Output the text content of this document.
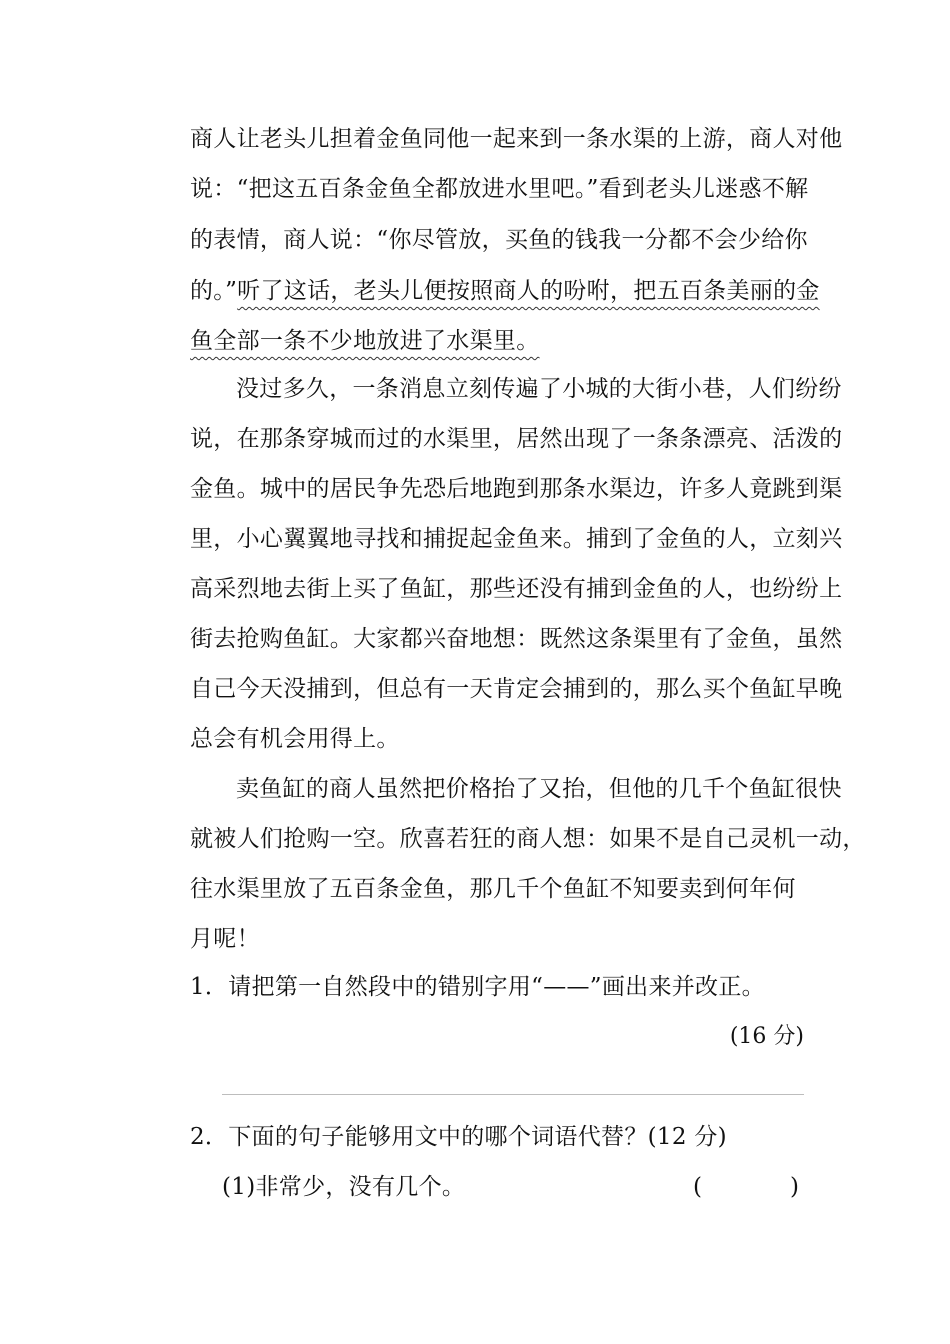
商人让老头儿担着金鱼同他一起来到一条水渠的上游，商人对他
说：“把这五百条金鱼全都放进水里吧。”看到老头儿迷惑不解
的表情，商人说：“你尽管放，买鱼的钱我一分都不会少给你
的。”听了这话，老头儿便按照商人的吩咐，把五百条美丽的金
鱼全部一条不少地放进了水渠里。
没过多久，一条消息立刻传遍了小城的大街小巷，人们纷纷
说，在那条穿城而过的水渠里，居然出现了一条条漂亮、活泼的
金鱼。城中的居民争先恐后地跑到那条水渠边，许多人竟跳到渠
里，小心翼翼地寻找和捕捉起金鱼来。捕到了金鱼的人，立刻兴
高采烈地去街上买了鱼缸，那些还没有捕到金鱼的人，也纷纷上
街去抢购鱼缸。大家都兴奋地想：既然这条渠里有了金鱼，虽然
自己今天没捕到，但总有一天肯定会捕到的，那么买个鱼缸早晚
总会有机会用得上。
卖鱼缸的商人虽然把价格抬了又抬，但他的几千个鱼缸很快
就被人们抢购一空。欣喜若狂的商人想：如果不是自己灵机一动，
往水渠里放了五百条金鱼，那几千个鱼缸不知要卖到何年何
月呢！
1．请把第一自然段中的错别字用“——”画出来并改正。
(16 分)
2．下面的句子能够用文中的哪个词语代替？(12 分)
(1)非常少，没有几个。	(	)
